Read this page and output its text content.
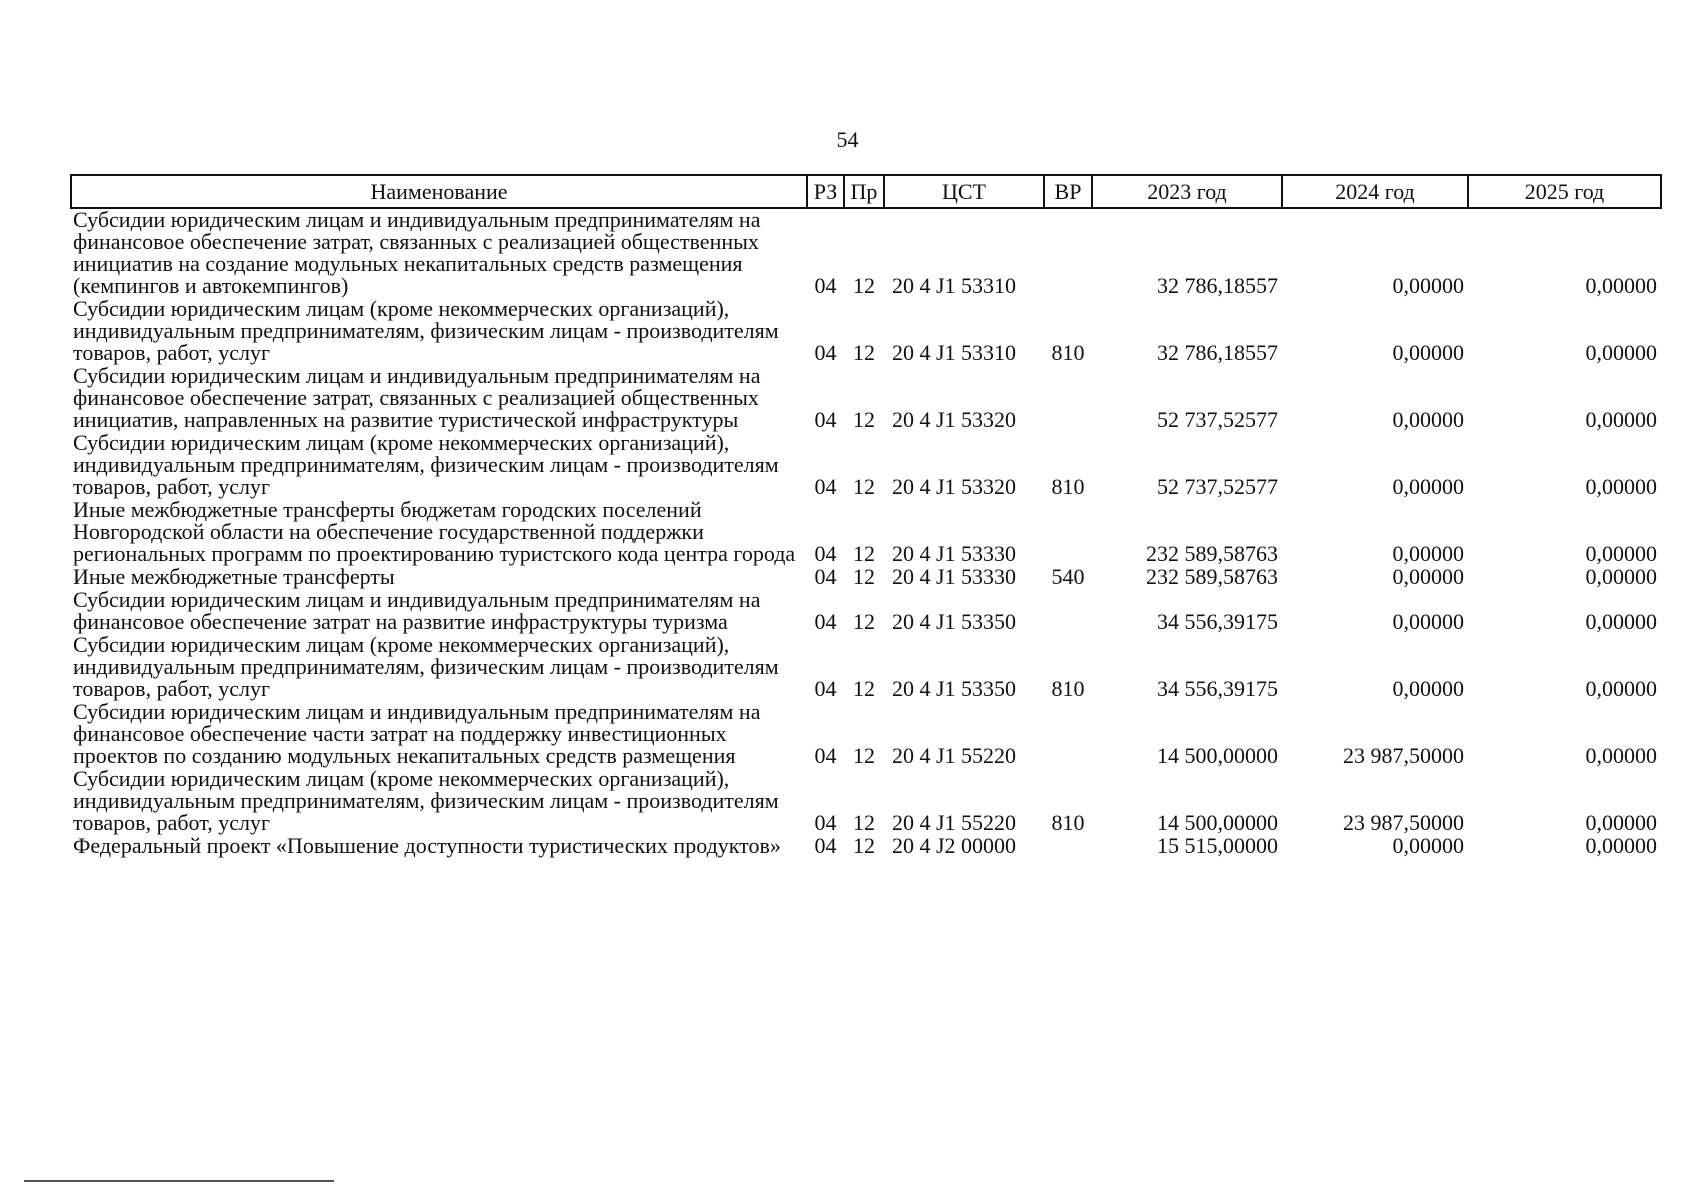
54
Наименование	РЗ	Пр	ЦСТ	ВР	2023 год	2024 год	2025 год
Субсидии юридическим лицам и индивидуальным предпринимателям на финансовое обеспечение затрат, связанных с реализацией общественных инициатив на создание модульных некапитальных средств размещения (кемпингов и автокемпингов)	04	12	20 4 J1 53310		32 786,18557	0,00000	0,00000
Субсидии юридическим лицам (кроме некоммерческих организаций), индивидуальным предпринимателям, физическим лицам - производителям товаров, работ, услуг	04	12	20 4 J1 53310	810	32 786,18557	0,00000	0,00000
Субсидии юридическим лицам и индивидуальным предпринимателям на финансовое обеспечение затрат, связанных с реализацией общественных инициатив, направленных на развитие туристической инфраструктуры	04	12	20 4 J1 53320		52 737,52577	0,00000	0,00000
Субсидии юридическим лицам (кроме некоммерческих организаций), индивидуальным предпринимателям, физическим лицам - производителям товаров, работ, услуг	04	12	20 4 J1 53320	810	52 737,52577	0,00000	0,00000
Иные межбюджетные трансферты бюджетам городских поселений Новгородской области на обеспечение государственной поддержки региональных программ по проектированию туристского кода центра города	04	12	20 4 J1 53330		232 589,58763	0,00000	0,00000
Иные межбюджетные трансферты	04	12	20 4 J1 53330	540	232 589,58763	0,00000	0,00000
Субсидии юридическим лицам и индивидуальным предпринимателям на финансовое обеспечение затрат на развитие инфраструктуры туризма	04	12	20 4 J1 53350		34 556,39175	0,00000	0,00000
Субсидии юридическим лицам (кроме некоммерческих организаций), индивидуальным предпринимателям, физическим лицам - производителям товаров, работ, услуг	04	12	20 4 J1 53350	810	34 556,39175	0,00000	0,00000
Субсидии юридическим лицам и индивидуальным предпринимателям на финансовое обеспечение части затрат на поддержку инвестиционных проектов по созданию модульных некапитальных средств размещения	04	12	20 4 J1 55220		14 500,00000	23 987,50000	0,00000
Субсидии юридическим лицам (кроме некоммерческих организаций), индивидуальным предпринимателям, физическим лицам - производителям товаров, работ, услуг	04	12	20 4 J1 55220	810	14 500,00000	23 987,50000	0,00000
Федеральный проект «Повышение доступности туристических продуктов»	04	12	20 4 J2 00000		15 515,00000	0,00000	0,00000
